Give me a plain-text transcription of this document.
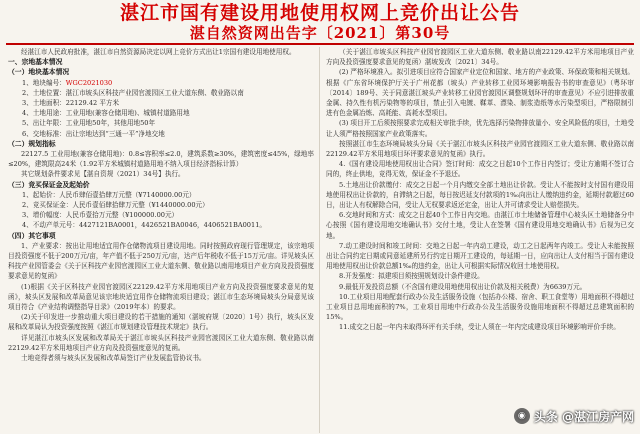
湛江市国有建设用地使用权网上竞价出让公告
湛自然资网出告字〔2021〕第30号

经湛江市人民政府批准，湛江市自然资源局决定以网上竞价方式出让1宗国有建设用地使用权。

一、宗地基本情况

（一）地块基本情况

1、地块编号：WGC2021030

2、土地位置：湛江市坡头区科技产业园官渡园区工业大道东侧、敬业路以南

3、土地面积：22129.42 平方米

4、土地用途：工业用地(兼容仓储用地)、城镇村道路用地

5、出让年限：工业用地50年，其他用地50年

6、交地标准：出让宗地达到“三通一平”净地交地

（二）规划指标

22127.5 工业用地(兼容仓储用地)：0.8≤容积率≤2.0，建筑系数≥30%，建筑密度≤45%，绿地率≤20%，建筑限高24米（1.92平方米城镇村道路用地不纳入项目经济指标计算）

其它规划条件要求见【湛自资规（2021）34号】执行。

（三）竞买保证金及起始价

1、起始价：人民币肆佰壹拾肆万元整（¥7140000.00元）

2、竞买保证金：人民币壹佰肆拾肆万元整（¥1440000.00元）

3、增价幅度：人民币壹拾万元整（¥100000.00元）

4、不动产单元号：4427121BA0001，4426521BA0046，4406521BA0011。

（四）其它事项

1、产业要求：按出让用地适宜用作仓储物流项目建设用地。同时按照政府现行管理规定，该宗地项目投资强度不低于200万元/亩，年产值不低于250万元/亩，达产后年税收不低于15万元/亩。详见坡头区科技产业园管委会《关于区科技产业园官渡园区工业大道东侧、敬业路以南用地项目产业方向及投资强度要求意见的复函》

(1)根据《关于区科技产业园官渡园区22129.42平方米用地项目产业方向及投资强度要求意见的复函》，坡头区发展和改革局意见该宗地块适宜用作仓储物流项目建设；湛江市生态环境局坡头分局意见该项目符合《产业结构调整指导目录》（2019年本）的要求。

(2)关于印发进一步推动重大项目建设的若干措施的通知（湛坡府规〔2020〕1号）执行，坡头区发展和改革局认为投资强度按照《湛江市规划建设管理技术规定》执行。

详见湛江市坡头区发展和改革局关于湛江市坡头区科技产业园官渡园区工业大道东侧、敬业路以南22129.42平方米用地项目产业方向及投资强度意见的复函。

土地竞得者须与坡头区发展和改革局签订产业发展监管协议书。

（关于湛江市坡头区科技产业园官渡园区工业大道东侧、敬业路以南22129.42平方米用地项目产业方向及投资强度要求意见的复函）湛坡发改〔2021〕34号。

(2) 严格环境准入。拟引进项目应符合国家产业定位和国家、地方的产业政策、环保政策和相关规划。根据《广东省环境保护厅关于广州花都（坡头）产业转移工业园环境影响报告书的审查意见》（粤环审〔2014〕189号、关于同意湛江坡头产业转移工业园官渡园区调整规划环评的审查意见）不应引进排放重金属、持久性有机污染物等的项目，禁止引入电镀、鞣革、漂染、制浆造纸等水污染型项目，严格限制引进有色金属冶炼、高耗能、高耗水型项目。

(3) 项目开工后须按照要求完成相关审批手续，优先选择污染物排放量小、安全风险低的项目，土地受让人须严格按照国家产业政策落实。

按照湛江市生态环境局坡头分局《关于湛江市坡头区科技产业园官渡园区工业大道东侧、敬业路以南22129.42平方米用地项目环评要求意见的复函》执行。

4.《国有建设用地使用权出让合同》签订时间：成交之日起10个工作日内签订；受让方逾期不签订合同的，终止供地，竞得无效，保证金不予退还。

5.土地出让价款缴付：成交之日起一个月内缴交全部土地出让价款。受让人不能按时支付国有建设用地使用权出让价款的，自滞纳之日起，每日按迟延支付款项的1‰向出让人缴纳违约金，延期付款超过60日，出让人有权解除合同，受让人无权要求返还定金，出让人并可请求受让人赔偿损失。

6.交地时间和方式：成交之日起40个工作日内交地。由湛江市土地储备管理中心坡头区土地储备分中心按照《国有建设用地交地确认书》交付土地，受让人在签署《国有建设用地交地确认书》后视为已交地。

7.动工建设时间和竣工时间：交地之日起一年内动工建设，动工之日起两年内竣工。受让人未能按照出让合同约定日期或同意延建所另行约定日期开工建设的，每延期一日，应向出让人支付相当于国有建设用地使用权出让价款总额1‰的违约金，出让人可根据实际情况收回土地使用权。

8.开发强度：拟建项目须按照规划设计条件建设。

9.最低开发投资总额（不含国有建设用地使用权出让价款及相关税费）为6639万元。

10.工业项目用地配套行政办公及生活服务设施（包括办公楼、宿舍、职工食堂等）用地面积不得超过工业项目总用地面积的7%，工业项目用地中行政办公及生活服务设施用地面积不得超过总建筑面积的15%。

11.成交之日起一年内未取得环评有关手续，受让人须在一年内完成建设项目环境影响评价手续。

◉ 头条 @湛江房产网
